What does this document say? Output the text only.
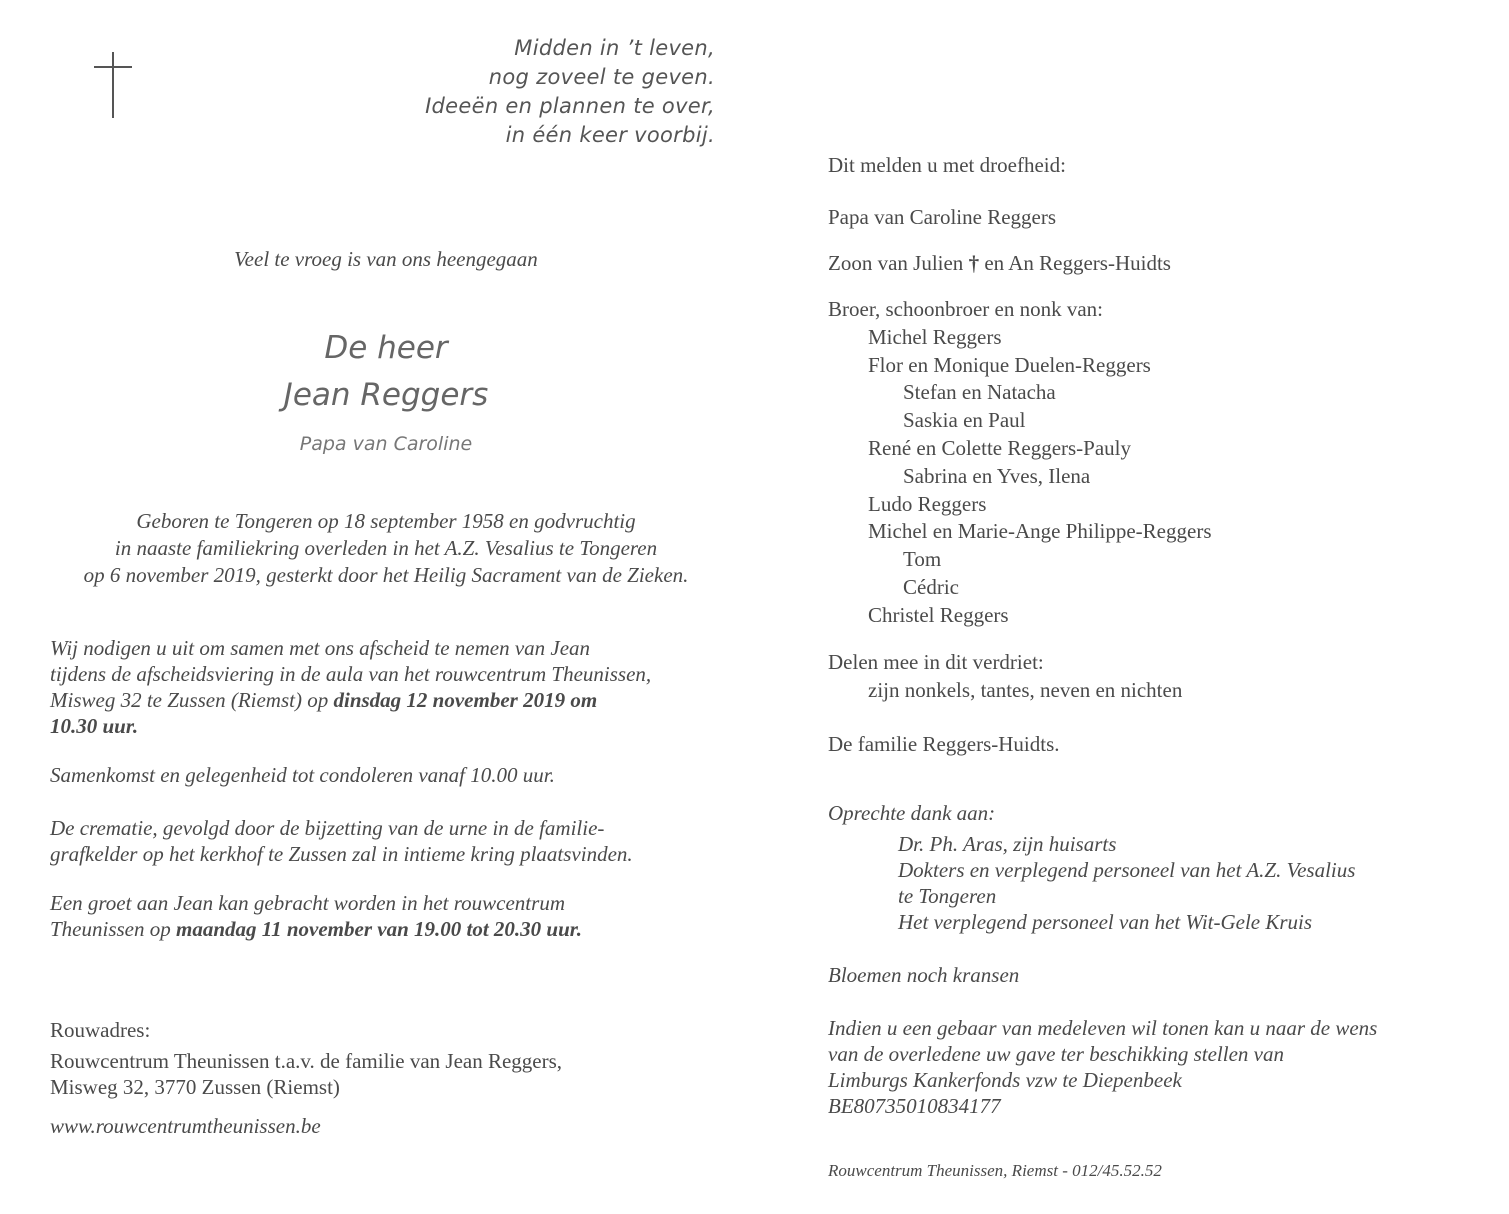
Midden in ’t leven,
nog zoveel te geven.
Ideeën en plannen te over,
in één keer voorbij.
Veel te vroeg is van ons heengegaan
De heer
Jean Reggers
Papa van Caroline
Geboren te Tongeren op 18 september 1958 en godvruchtig
in naaste familiekring overleden in het A.Z. Vesalius te Tongeren
op 6 november 2019, gesterkt door het Heilig Sacrament van de Zieken.
Wij nodigen u uit om samen met ons afscheid te nemen van Jean
tijdens de afscheidsviering in de aula van het rouwcentrum Theunissen,
Misweg 32 te Zussen (Riemst) op dinsdag 12 november 2019 om
10.30 uur.
Samenkomst en gelegenheid tot condoleren vanaf 10.00 uur.
De crematie, gevolgd door de bijzetting van de urne in de familie-
grafkelder op het kerkhof te Zussen zal in intieme kring plaatsvinden.
Een groet aan Jean kan gebracht worden in het rouwcentrum
Theunissen op maandag 11 november van 19.00 tot 20.30 uur.
Rouwadres:
Rouwcentrum Theunissen t.a.v. de familie van Jean Reggers,
Misweg 32, 3770 Zussen (Riemst)
www.rouwcentrumtheunissen.be
Dit melden u met droefheid:
Papa van Caroline Reggers
Zoon van Julien † en An Reggers-Huidts
Broer, schoonbroer en nonk van:
Michel Reggers
Flor en Monique Duelen-Reggers
Stefan en Natacha
Saskia en Paul
René en Colette Reggers-Pauly
Sabrina en Yves, Ilena
Ludo Reggers
Michel en Marie-Ange Philippe-Reggers
Tom
Cédric
Christel Reggers
Delen mee in dit verdriet:
zijn nonkels, tantes, neven en nichten
De familie Reggers-Huidts.
Oprechte dank aan:
Dr. Ph. Aras, zijn huisarts
Dokters en verplegend personeel van het A.Z. Vesalius
te Tongeren
Het verplegend personeel van het Wit-Gele Kruis
Bloemen noch kransen
Indien u een gebaar van medeleven wil tonen kan u naar de wens
van de overledene uw gave ter beschikking stellen van
Limburgs Kankerfonds vzw te Diepenbeek
BE80735010834177
Rouwcentrum Theunissen, Riemst - 012/45.52.52
